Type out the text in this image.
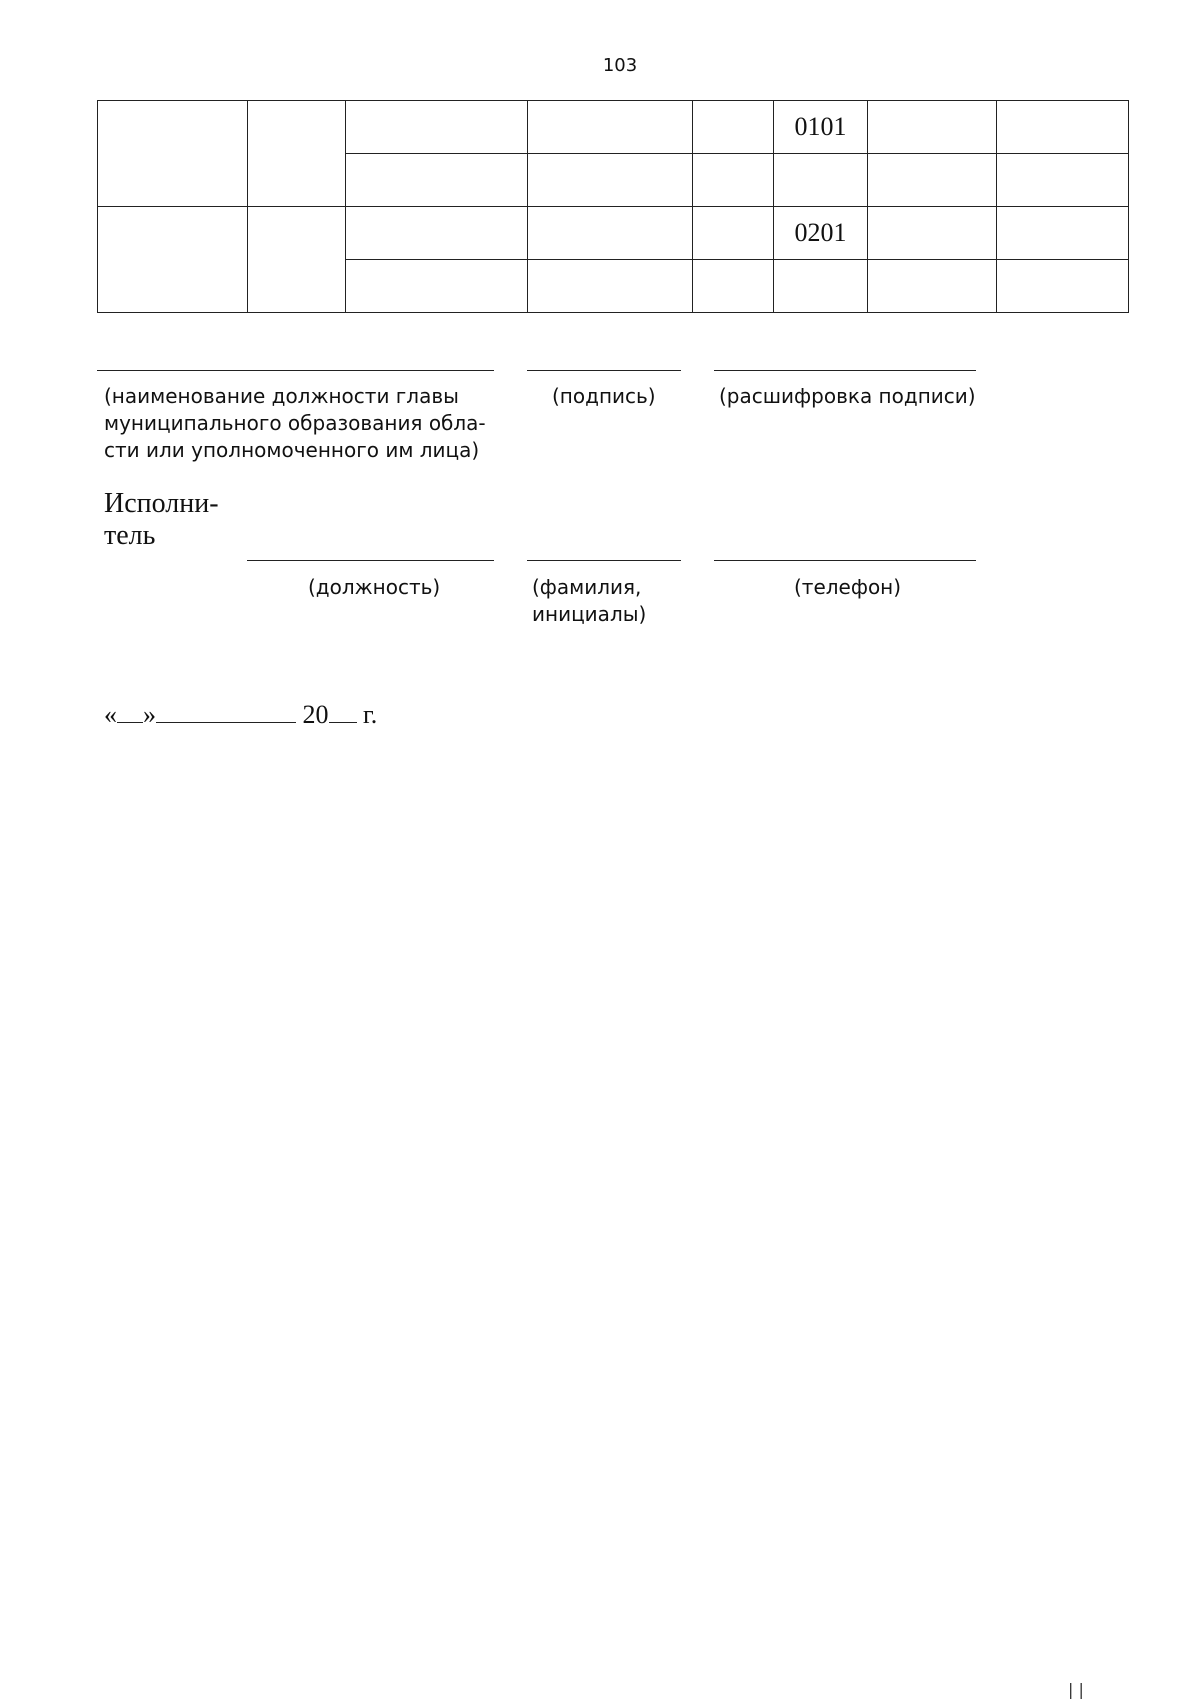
103
					0101		

					0201		

(наименование должности главы
муниципального образования обла-
сти или уполномоченного им лица)
(подпись)	(расшифровка подписи)
Исполни-
тель
(должность)	(фамилия,
инициалы)
(телефон)
« »	20 г.
| |
